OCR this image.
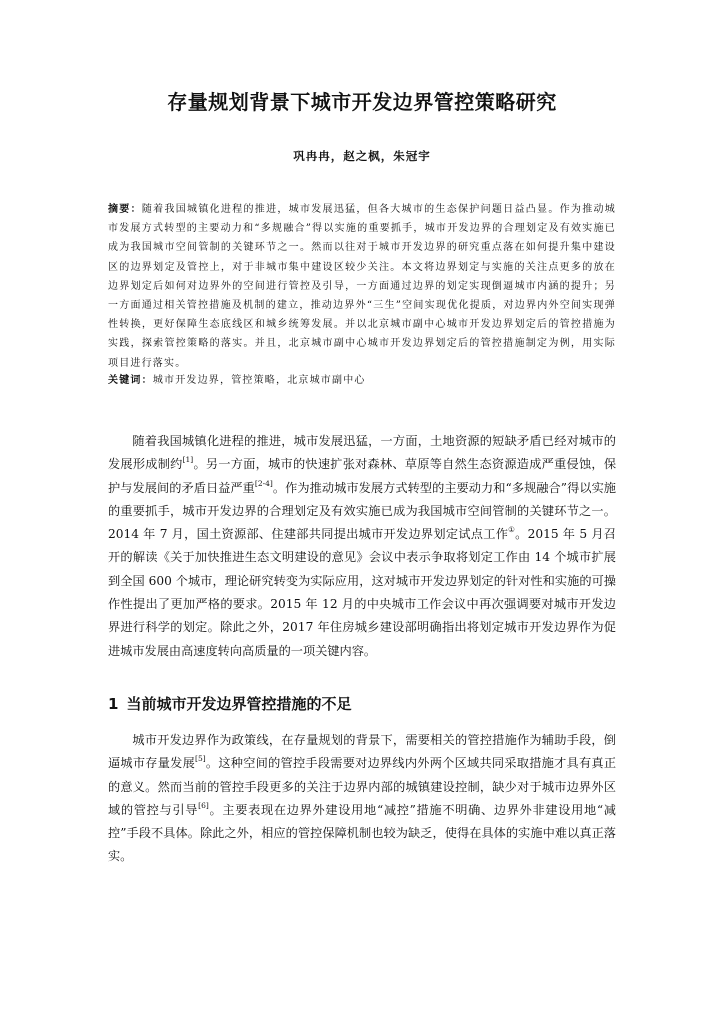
存量规划背景下城市开发边界管控策略研究
巩冉冉，赵之枫，朱冠宇
摘要：随着我国城镇化进程的推进，城市发展迅猛，但各大城市的生态保护问题日益凸显。作为推动城市发展方式转型的主要动力和“多规融合”得以实施的重要抓手，城市开发边界的合理划定及有效实施已成为我国城市空间管制的关键环节之一。然而以往对于城市开发边界的研究重点落在如何提升集中建设区的边界划定及管控上，对于非城市集中建设区较少关注。本文将边界划定与实施的关注点更多的放在边界划定后如何对边界外的空间进行管控及引导，一方面通过边界的划定实现倒逼城市内涵的提升；另一方面通过相关管控措施及机制的建立，推动边界外“三生”空间实现优化提质，对边界内外空间实现弹性转换，更好保障生态底线区和城乡统筹发展。并以北京城市副中心城市开发边界划定后的管控措施为实践，探索管控策略的落实。并且，北京城市副中心城市开发边界划定后的管控措施制定为例，用实际项目进行落实。
关键词：城市开发边界，管控策略，北京城市副中心

随着我国城镇化进程的推进，城市发展迅猛，一方面，土地资源的短缺矛盾已经对城市的发展形成制约[1]。另一方面，城市的快速扩张对森林、草原等自然生态资源造成严重侵蚀，保护与发展间的矛盾日益严重[2-4]。作为推动城市发展方式转型的主要动力和“多规融合”得以实施的重要抓手，城市开发边界的合理划定及有效实施已成为我国城市空间管制的关键环节之一。2014 年 7 月，国土资源部、住建部共同提出城市开发边界划定试点工作①。2015 年 5 月召开的解读《关于加快推进生态文明建设的意见》会议中表示争取将划定工作由 14 个城市扩展到全国 600 个城市，理论研究转变为实际应用，这对城市开发边界划定的针对性和实施的可操作性提出了更加严格的要求。2015 年 12 月的中央城市工作会议中再次强调要对城市开发边界进行科学的划定。除此之外，2017 年住房城乡建设部明确指出将划定城市开发边界作为促进城市发展由高速度转向高质量的一项关键内容。

1 当前城市开发边界管控措施的不足

城市开发边界作为政策线，在存量规划的背景下，需要相关的管控措施作为辅助手段，倒逼城市存量发展[5]。这种空间的管控手段需要对边界线内外两个区域共同采取措施才具有真正的意义。然而当前的管控手段更多的关注于边界内部的城镇建设控制，缺少对于城市边界外区域的管控与引导[6]。主要表现在边界外建设用地“减控”措施不明确、边界外非建设用地“减控”手段不具体。除此之外，相应的管控保障机制也较为缺乏，使得在具体的实施中难以真正落实。
